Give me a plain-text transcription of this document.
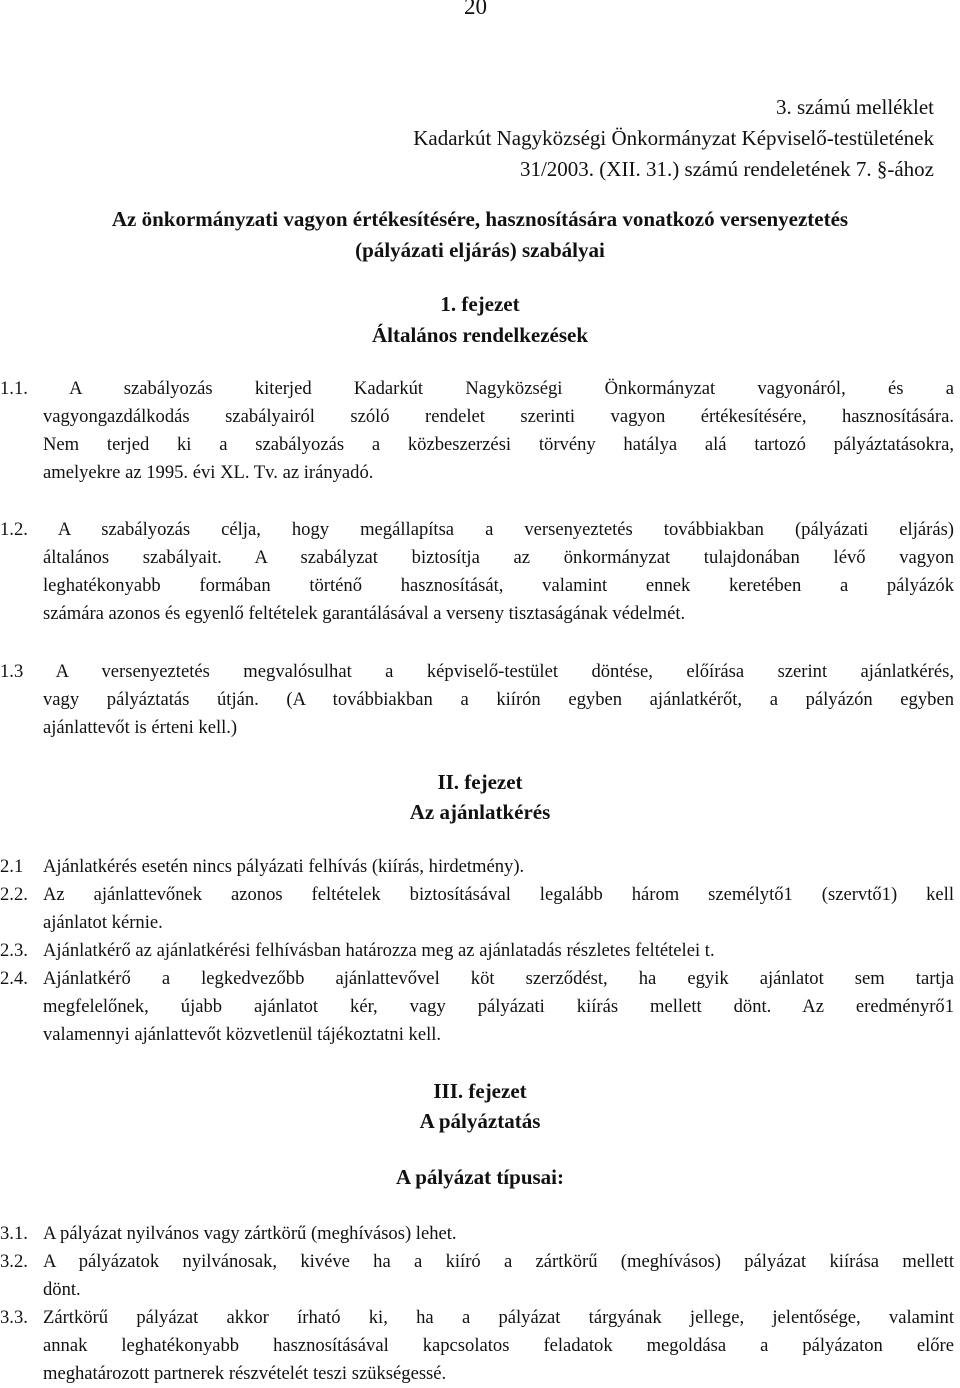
20
3. számú melléklet
Kadarkút Nagyközségi Önkormányzat Képviselő-testületének
31/2003. (XII. 31.) számú rendeletének 7. §-ához
Az önkormányzati vagyon értékesítésére, hasznosítására vonatkozó versenyeztetés
(pályázati eljárás) szabályai
1. fejezet
Általános rendelkezések
1.1. A szabályozás kiterjed Kadarkút Nagyközségi Önkormányzat vagyonáról, és a
vagyongazdálkodás szabályairól szóló rendelet szerinti vagyon értékesítésére, hasznosítására.
Nem terjed ki a szabályozás a közbeszerzési törvény hatálya alá tartozó pályáztatásokra,
amelyekre az 1995. évi XL. Tv. az irányadó.
1.2. A szabályozás célja, hogy megállapítsa a versenyeztetés továbbiakban (pályázati eljárás)
általános szabályait. A szabályzat biztosítja az önkormányzat tulajdonában lévő vagyon
leghatékonyabb formában történő hasznosítását, valamint ennek keretében a pályázók
számára azonos és egyenlő feltételek garantálásával a verseny tisztaságának védelmét.
1.3 A versenyeztetés megvalósulhat a képviselő-testület döntése, előírása szerint ajánlatkérés,
vagy pályáztatás útján. (A továbbiakban a kiírón egyben ajánlatkérőt, a pályázón egyben
ajánlattevőt is érteni kell.)
II. fejezet
Az ajánlatkérés
2.1 Ajánlatkérés esetén nincs pályázati felhívás (kiírás, hirdetmény).
2.2. Az ajánlattevőnek azonos feltételek biztosításával legalább három személytő1 (szervtő1) kell
ajánlatot kérnie.
2.3. Ajánlatkérő az ajánlatkérési felhívásban határozza meg az ajánlatadás részletes feltételei t.
2.4. Ajánlatkérő a legkedvezőbb ajánlattevővel köt szerződést, ha egyik ajánlatot sem tartja
megfelelőnek, újabb ajánlatot kér, vagy pályázati kiírás mellett dönt. Az eredményrő1
valamennyi ajánlattevőt közvetlenül tájékoztatni kell.
III. fejezet
A pályáztatás
A pályázat típusai:
3.1. A pályázat nyilvános vagy zártkörű (meghívásos) lehet.
3.2. A pályázatok nyilvánosak, kivéve ha a kiíró a zártkörű (meghívásos) pályázat kiírása mellett
dönt.
3.3. Zártkörű pályázat akkor írható ki, ha a pályázat tárgyának jellege, jelentősége, valamint
annak leghatékonyabb hasznosításával kapcsolatos feladatok megoldása a pályázaton előre
meghatározott partnerek részvételét teszi szükségessé.
